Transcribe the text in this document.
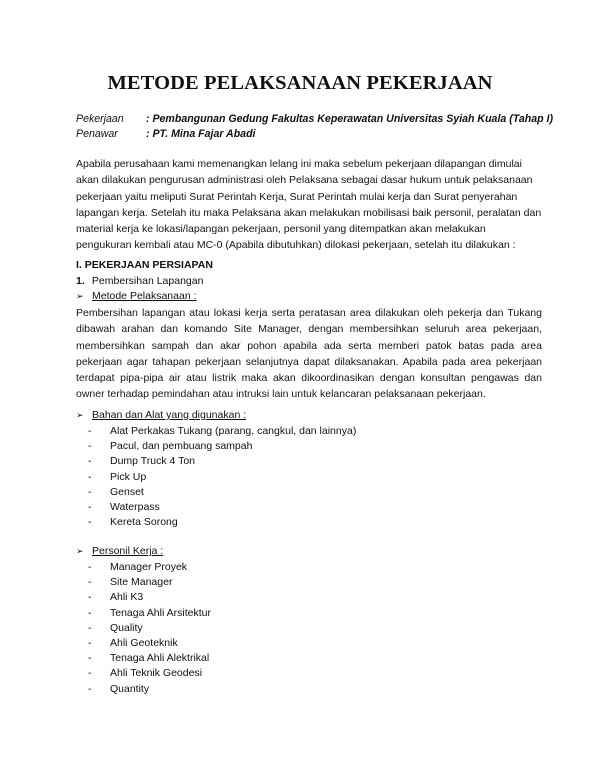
METODE PELAKSANAAN PEKERJAAN
Pekerjaan	: Pembangunan Gedung Fakultas Keperawatan Universitas Syiah Kuala (Tahap I)
Penawar	: PT. Mina Fajar Abadi

Apabila perusahaan kami memenangkan lelang ini maka sebelum pekerjaan dilapangan dimulai akan dilakukan pengurusan administrasi oleh Pelaksana sebagai dasar hukum untuk pelaksanaan pekerjaan yaitu meliputi Surat Perintah Kerja, Surat Perintah mulai kerja dan Surat penyerahan lapangan kerja. Setelah itu maka Pelaksana akan melakukan mobilisasi baik personil, peralatan dan material kerja ke lokasi/lapangan pekerjaan, personil yang ditempatkan akan melakukan pengukuran kembali atau MC-0 (Apabila dibutuhkan) dilokasi pekerjaan, setelah itu dilakukan :

I. PEKERJAAN PERSIAPAN
1. Pembersihan Lapangan
➢ Metode Pelaksanaan :

Pembersihan lapangan atau lokasi kerja serta peratasan area dilakukan oleh pekerja dan Tukang dibawah arahan dan komando Site Manager, dengan membersihkan seluruh area pekerjaan, membersihkan sampah dan akar pohon apabila ada serta memberi patok batas pada area pekerjaan agar tahapan pekerjaan selanjutnya dapat dilaksanakan. Apabila pada area pekerjaan terdapat pipa-pipa air atau listrik maka akan dikoordinasikan dengan konsultan pengawas dan owner terhadap pemindahan atau intruksi lain untuk kelancaran pelaksanaan pekerjaan.

➢ Bahan dan Alat yang digunakan :
- Alat Perkakas Tukang (parang, cangkul, dan lainnya)
- Pacul, dan pembuang sampah
- Dump Truck 4 Ton
- Pick Up
- Genset
- Waterpass
- Kereta Sorong
➢ Personil Kerja :
- Manager Proyek
- Site Manager
- Ahli K3
- Tenaga Ahli Arsitektur
- Quality
- Ahli Geoteknik
- Tenaga Ahli Alektrikal
- Ahli Teknik Geodesi
- Quantity
